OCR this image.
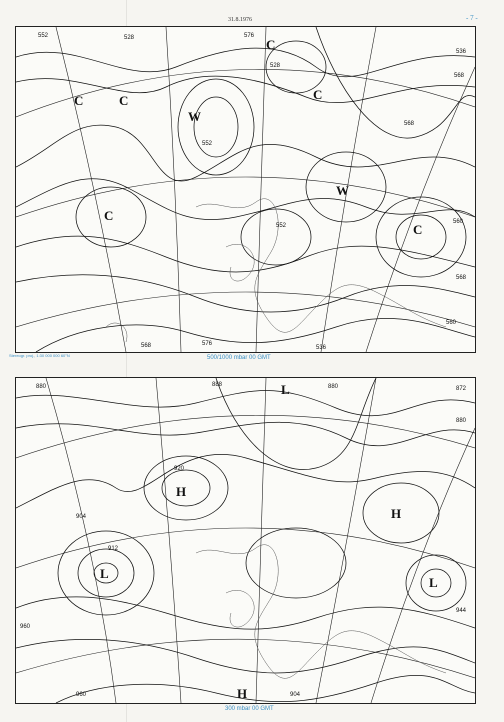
31.8.1976	- 7 -
C	C
C
W
C
C
W
C
552	528	576
552
528
536
568
568
552
560
568
560
568	576
536
Stereogr. proj., 1:30 000 000 60°N	500/1000 mbar 00 GMT
L
H
L
H
L
H
880	888
872
880
880
920
904
912
960
944
960	904
300 mbar 00 GMT
